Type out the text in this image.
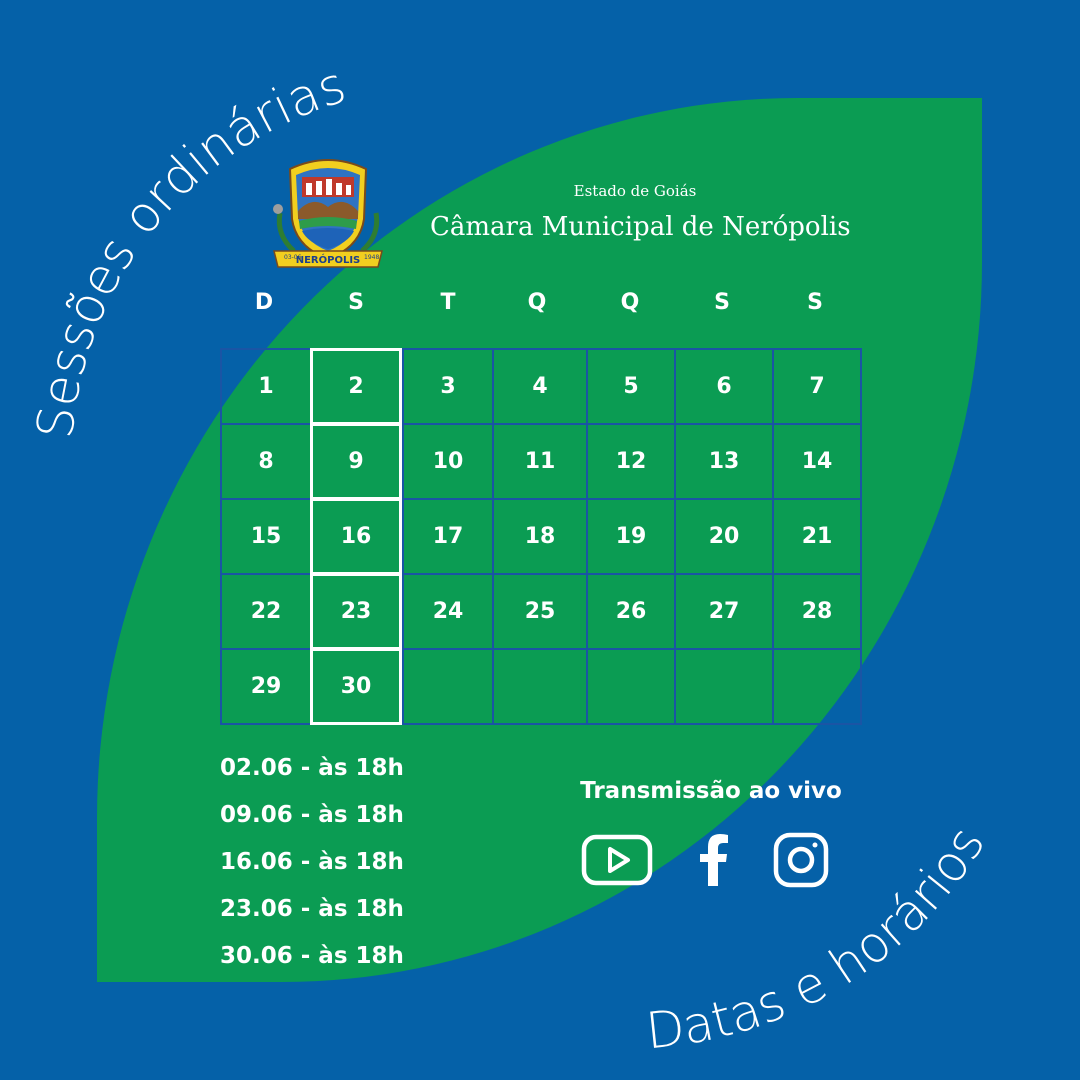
Sessões ordinárias
Datas e horários
NERÓPOLIS
03-06	1948
Estado de Goiás
Câmara Municipal de Nerópolis
D	S	T	Q	Q	S	S
1	2	3	4	5	6	7
8	9	10	11	12	13	14
15	16	17	18	19	20	21
22	23	24	25	26	27	28
29	30
02.06 - às 18h
09.06 - às 18h
16.06 - às 18h
23.06 - às 18h
30.06 - às 18h
Transmissão ao vivo
